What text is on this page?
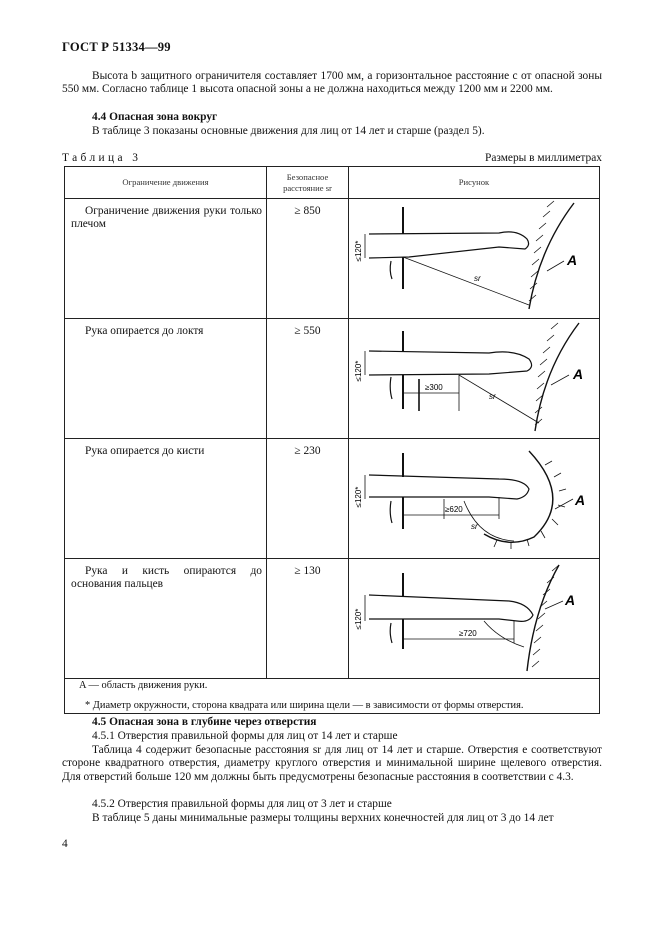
ГОСТ Р 51334—99
Высота b защитного ограничителя составляет 1700 мм, а горизонтальное расстояние c от опасной зоны 550 мм. Согласно таблице 1 высота опасной зоны a не должна находиться между 1200 мм и 2200 мм.
4.4 Опасная зона вокруг
В таблице 3 показаны основные движения для лиц от 14 лет и старше (раздел 5).
Таблица 3	Размеры в миллиметрах
Ограничение движения	Безопасное расстояние sr	Рисунок

Ограничение движения руки только плечом	≥ 850	≤120*
sr
A

Рука опирается до локтя	≥ 550	≤120*
≥300
sr
A

Рука опирается до кисти	≥ 230	≤120*
≥620
sr
A

Рука и кисть опираются до основания пальцев	≥ 130	≤120*
≥720
A

A — область движения руки.
* Диаметр окружности, сторона квадрата или ширина щели — в зависимости от формы отверстия.		
4.5 Опасная зона в глубине через отверстия
4.5.1 Отверстия правильной формы для лиц от 14 лет и старше
Таблица 4 содержит безопасные расстояния sr для лиц от 14 лет и старше. Отверстия e соответствуют стороне квадратного отверстия, диаметру круглого отверстия и минимальной ширине щелевого отверстия. Для отверстий больше 120 мм должны быть предусмотрены безопасные расстояния в соответствии с 4.3.
4.5.2 Отверстия правильной формы для лиц от 3 лет и старше
В таблице 5 даны минимальные размеры толщины верхних конечностей для лиц от 3 до 14 лет
4
